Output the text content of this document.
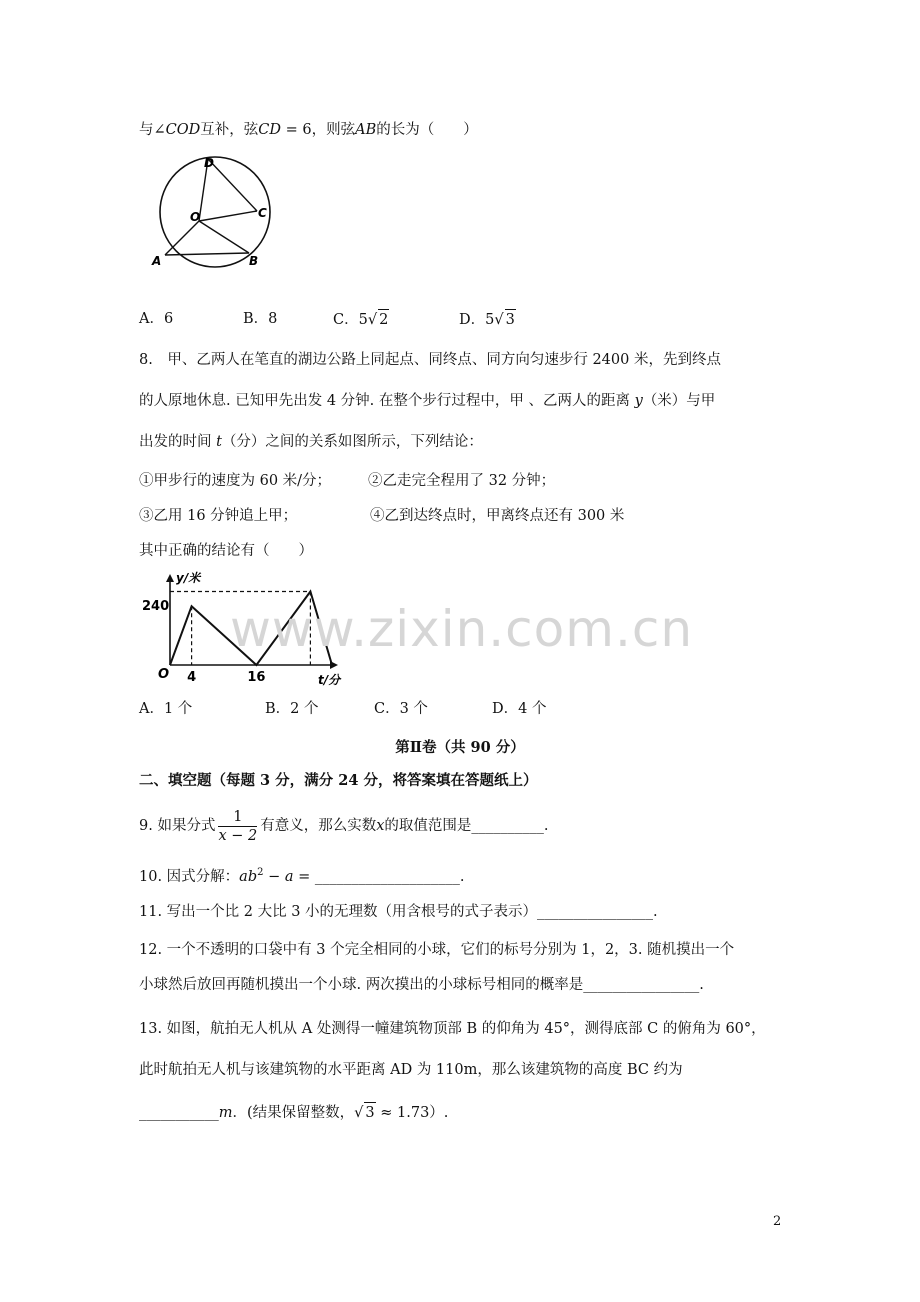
与∠COD互补，弦CD = 6，则弦AB的长为（　　）
D
O	C
A	B
A．6	B．8	C．5√ 2	D．5√ 3
8.　甲、乙两人在笔直的湖边公路上同起点、同终点、同方向匀速步行 2400 米，先到终点
的人原地休息. 已知甲先出发 4 分钟. 在整个步行过程中，甲 、乙两人的距离 y（米）与甲
出发的时间 t（分）之间的关系如图所示，下列结论：
①甲步行的速度为 60 米/分；	②乙走完全程用了 32 分钟；
③乙用 16 分钟追上甲；	④乙到达终点时，甲离终点还有 300 米
其中正确的结论有（　　）
y/米
t/分
O
240
4	16
A．1 个	B．2 个	C．3 个	D．4 个
第Ⅱ卷（共 90 分）
二、填空题（每题 3 分，满分 24 分，将答案填在答题纸上）
9. 如果分式 $\frac{1}{x - 2}$ 有意义，那么实数x的取值范围是__________.
10. 因式分解：$ab^2 - a$ = ____________________.
11. 写出一个比 2 大比 3 小的无理数（用含根号的式子表示）________________.
12. 一个不透明的口袋中有 3 个完全相同的小球，它们的标号分别为 1，2，3. 随机摸出一个
小球然后放回再随机摸出一个小球. 两次摸出的小球标号相同的概率是________________.
13. 如图，航拍无人机从 A 处测得一幢建筑物顶部 B 的仰角为 45°，测得底部 C 的俯角为 60°，
此时航拍无人机与该建筑物的水平距离 AD 为 110m，那么该建筑物的高度 BC 约为
___________m．(结果保留整数，√ 3 ≈ 1.73）.
www.zixin.com.cn
2
